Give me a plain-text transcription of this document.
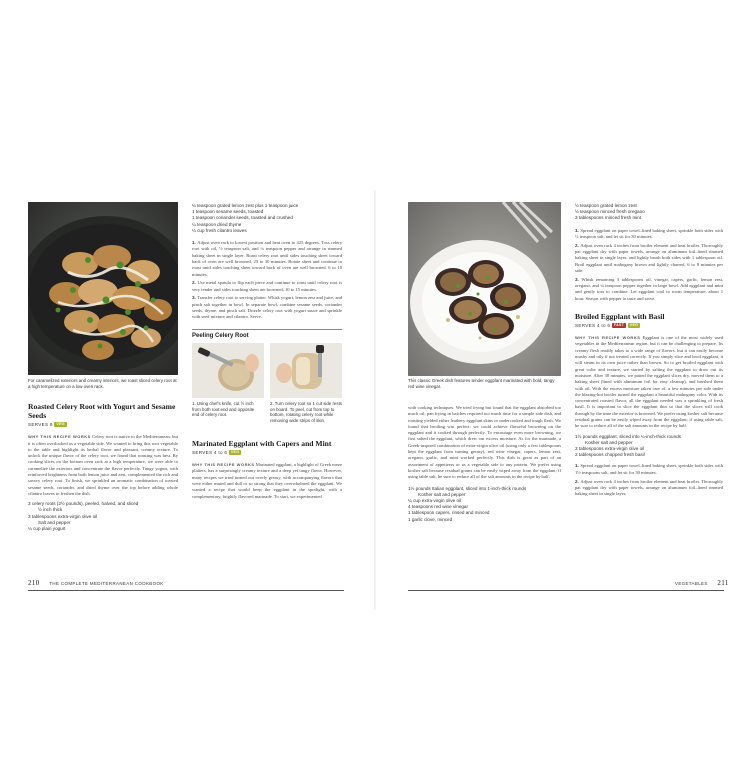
For caramelized exteriors and creamy interiors, we roast sliced celery root at a high temperature on a low oven rack.
Roasted Celery Root with Yogurt and Sesame Seeds
SERVES 6 VEG

WHY THIS RECIPE WORKS Celery root is native to the Mediterranean, but it is often overlooked as a vegetable side. We wanted to bring this root vegetable to the table and highlight its herbal flavor and pleasant, creamy texture. To unlock the unique flavor of the celery root, we found that roasting was best. By cooking slices on the bottom oven rack at a high temperature, we were able to caramelize the exteriors and concentrate the flavor perfectly. Tangy yogurt, with reinforced brightness from both lemon juice and zest, complemented the rich and savory celery root. To finish, we sprinkled an aromatic combination of toasted sesame seeds, coriander, and dried thyme over the top before adding whole cilantro leaves to freshen the dish.

3 celery roots (2½ pounds), peeled, halved, and sliced
½ inch thick
3 tablespoons extra-virgin olive oil
Salt and pepper
¼ cup plain yogurt
¼ teaspoon grated lemon zest plus 1 teaspoon juice
1 teaspoon sesame seeds, toasted
1 teaspoon coriander seeds, toasted and crushed
¼ teaspoon dried thyme
¼ cup fresh cilantro leaves

1. Adjust oven rack to lowest position and heat oven to 425 degrees. Toss celery root with oil, ½ teaspoon salt, and ¼ teaspoon pepper and arrange in rimmed baking sheet in single layer. Roast celery root until sides touching sheet toward back of oven are well browned, 25 to 30 minutes. Rotate sheet and continue to roast until sides touching sheet toward back of oven are well browned, 6 to 10 minutes.

2. Use metal spatula to flip each piece and continue to roast until celery root is very tender and sides touching sheet are browned, 10 to 15 minutes.

3. Transfer celery root to serving platter. Whisk yogurt, lemon zest and juice, and pinch salt together in bowl. In separate bowl, combine sesame seeds, coriander seeds, thyme, and pinch salt. Drizzle celery root with yogurt sauce and sprinkle with seed mixture and cilantro. Serve.

Peeling Celery Root
1. Using chef's knife, cut ½ inch from both root end and opposite end of celery root.
2. Turn celery root so 1 cut side rests on board. To peel, cut from top to bottom, rotating celery root while removing wide strips of skin.
Marinated Eggplant with Capers and Mint
SERVES 4 to 6 VEG

WHY THIS RECIPE WORKS Marinated eggplant, a highlight of Greek meze platters, has a surprisingly creamy texture and a deep yet tangy flavor. However, many recipes we tried turned out overly greasy, with accompanying flavors that were either muted and dull or so strong that they overwhelmed the eggplant. We wanted a recipe that would keep the eggplant in the spotlight, with a complementary, brightly flavored marinade. To start, we experimented

210 THE COMPLETE MEDITERRANEAN COOKBOOK
This classic Greek dish features tender eggplant marinated with bold, tangy red wine vinegar.

with cooking techniques. We tried frying but found that the eggplant absorbed too much oil; pan frying in batches required too much time for a simple side dish, and roasting yielded either leathery eggplant skins or undercooked and tough flesh. We found that broiling was perfect: we could achieve flavorful browning on the eggplant and it cooked through perfectly. To encourage even more browning, we first salted the eggplant, which drew out excess moisture. As for the marinade, a Greek-inspired combination of extra-virgin olive oil (using only a few tablespoons kept the eggplant from turning greasy), red wine vinegar, capers, lemon zest, oregano, garlic, and mint worked perfectly. This dish is great as part of an assortment of appetizers or as a vegetable side to any protein. We prefer using kosher salt because residual grains can be easily wiped away from the eggplant; if using table salt, be sure to reduce all of the salt amounts in the recipe by half.

1½ pounds Italian eggplant, sliced into 1-inch-thick rounds
Kosher salt and pepper
¼ cup extra-virgin olive oil
4 teaspoons red wine vinegar
1 tablespoon capers, rinsed and minced
1 garlic clove, minced
½ teaspoon grated lemon zest
½ teaspoon minced fresh oregano
3 tablespoons minced fresh mint

1. Spread eggplant on paper towel–lined baking sheet, sprinkle both sides with ½ teaspoon salt, and let sit for 30 minutes.

2. Adjust oven rack 4 inches from broiler element and heat broiler. Thoroughly pat eggplant dry with paper towels, arrange on aluminum foil–lined rimmed baking sheet in single layer, and lightly brush both sides with 1 tablespoon oil. Broil eggplant until mahogany brown and lightly charred, 6 to 8 minutes per side.

3. Whisk remaining 3 tablespoons oil, vinegar, capers, garlic, lemon zest, oregano, and ¼ teaspoon pepper together in large bowl. Add eggplant and mint and gently toss to combine. Let eggplant cool to room temperature, about 1 hour. Season with pepper to taste and serve.

Broiled Eggplant with Basil
SERVES 4 to 6 FAST VEG

WHY THIS RECIPE WORKS Eggplant is one of the most widely used vegetables in the Mediterranean region, but it can be challenging to prepare. Its creamy flesh readily takes to a wide range of flavors, but it can easily become mushy and oily if not treated correctly. If you simply slice and broil eggplant, it will steam in its own juice rather than brown. So to get broiled eggplant with great color and texture, we started by salting the eggplant to draw out its moisture. After 30 minutes, we patted the eggplant slices dry, moved them to a baking sheet (lined with aluminum foil for easy cleanup), and brushed them with oil. With the excess moisture taken care of, a few minutes per side under the blazing-hot broiler turned the eggplant a beautiful mahogany color. With its concentrated roasted flavor, all the eggplant needed was a sprinkling of fresh basil. It is important to slice the eggplant thin so that the slices will cook through by the time the exterior is browned. We prefer using kosher salt because residual grains can be easily wiped away from the eggplant; if using table salt, be sure to reduce all of the salt amounts in the recipe by half.

1½ pounds eggplant, sliced into ¼-inch-thick rounds
Kosher salt and pepper
3 tablespoons extra-virgin olive oil
2 tablespoons chopped fresh basil

1. Spread eggplant on paper towel–lined baking sheet, sprinkle both sides with 1½ teaspoons salt, and let sit for 30 minutes.

2. Adjust oven rack 4 inches from broiler element and heat broiler. Thoroughly pat eggplant dry with paper towels, arrange on aluminum foil–lined rimmed baking sheet in single layer,

VEGETABLES 211
